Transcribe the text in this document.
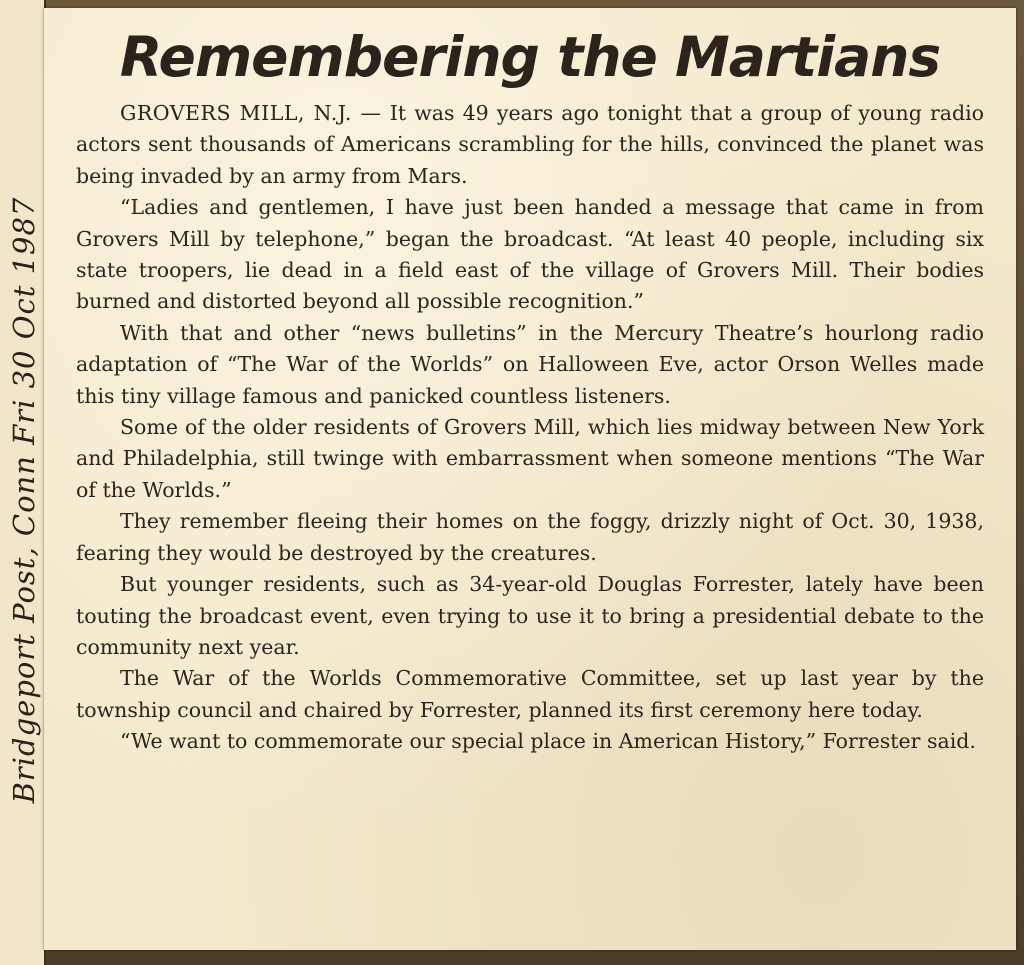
Bridgeport Post, Conn Fri 30 Oct 1987
Remembering the Martians

GROVERS MILL, N.J. — It was 49 years ago tonight that a group of young radio actors sent thousands of Americans scrambling for the hills, convinced the planet was being invaded by an army from Mars.

“Ladies and gentlemen, I have just been handed a message that came in from Grovers Mill by telephone,” began the broadcast. “At least 40 people, including six state troopers, lie dead in a field east of the village of Grovers Mill. Their bodies burned and distorted beyond all possible recognition.”

With that and other “news bulletins” in the Mercury Theatre’s hourlong radio adaptation of “The War of the Worlds” on Halloween Eve, actor Orson Welles made this tiny village famous and panicked countless listeners.

Some of the older residents of Grovers Mill, which lies midway between New York and Philadelphia, still twinge with embarrassment when someone mentions “The War of the Worlds.”

They remember fleeing their homes on the foggy, drizzly night of Oct. 30, 1938, fearing they would be destroyed by the creatures.

But younger residents, such as 34-year-old Douglas Forrester, lately have been touting the broadcast event, even trying to use it to bring a presidential debate to the community next year.

The War of the Worlds Commemorative Committee, set up last year by the township council and chaired by Forrester, planned its first ceremony here today.

“We want to commemorate our special place in American History,” Forrester said.
